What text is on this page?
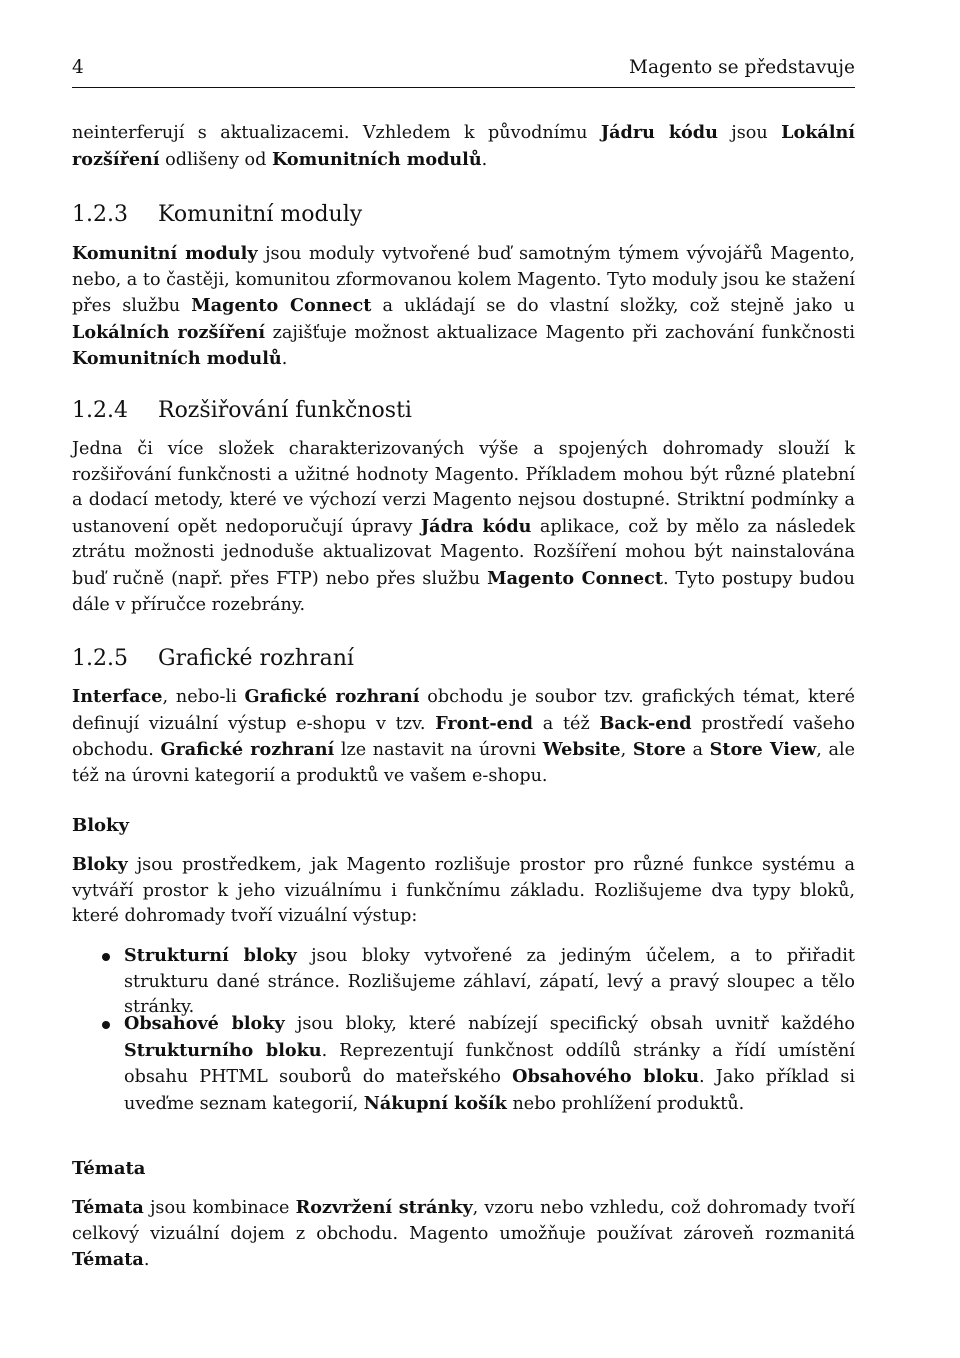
4	Magento se představuje

neinterferují s aktualizacemi. Vzhledem k původnímu Jádru kódu jsou Lokální rozšíření odlišeny od Komunitních modulů.

1.2.3 Komunitní moduly

Komunitní moduly jsou moduly vytvořené buď samotným týmem vývojářů Magento, nebo, a to častěji, komunitou zformovanou kolem Magento. Tyto moduly jsou ke stažení přes službu Magento Connect a ukládají se do vlastní složky, což stejně jako u Lokálních rozšíření zajišťuje možnost aktualizace Magento při zachování funkčnosti Komunitních modulů.

1.2.4 Rozšiřování funkčnosti

Jedna či více složek charakterizovaných výše a spojených dohromady slouží k rozšiřování funkčnosti a užitné hodnoty Magento. Příkladem mohou být různé platební a dodací metody, které ve výchozí verzi Magento nejsou dostupné. Striktní podmínky a ustanovení opět nedoporučují úpravy Jádra kódu aplikace, což by mělo za následek ztrátu možnosti jednoduše aktualizovat Magento. Rozšíření mohou být nainstalována buď ručně (např. přes FTP) nebo přes službu Magento Connect. Tyto postupy budou dále v příručce rozebrány.

1.2.5 Grafické rozhraní

Interface, nebo-li Grafické rozhraní obchodu je soubor tzv. grafických témat, které definují vizuální výstup e-shopu v tzv. Front-end a též Back-end prostředí vašeho obchodu. Grafické rozhraní lze nastavit na úrovni Website, Store a Store View, ale též na úrovni kategorií a produktů ve vašem e-shopu.

Bloky

Bloky jsou prostředkem, jak Magento rozlišuje prostor pro různé funkce systému a vytváří prostor k jeho vizuálnímu i funkčnímu základu. Rozlišujeme dva typy bloků, které dohromady tvoří vizuální výstup:

Strukturní bloky jsou bloky vytvořené za jediným účelem, a to přiřadit strukturu dané stránce. Rozlišujeme záhlaví, zápatí, levý a pravý sloupec a tělo stránky.

Obsahové bloky jsou bloky, které nabízejí specifický obsah uvnitř každého Strukturního bloku. Reprezentují funkčnost oddílů stránky a řídí umístění obsahu PHTML souborů do mateřského Obsahového bloku. Jako příklad si uveďme seznam kategorií, Nákupní košík nebo prohlížení produktů.

Témata

Témata jsou kombinace Rozvržení stránky, vzoru nebo vzhledu, což dohromady tvoří celkový vizuální dojem z obchodu. Magento umožňuje používat zároveň rozmanitá Témata.
